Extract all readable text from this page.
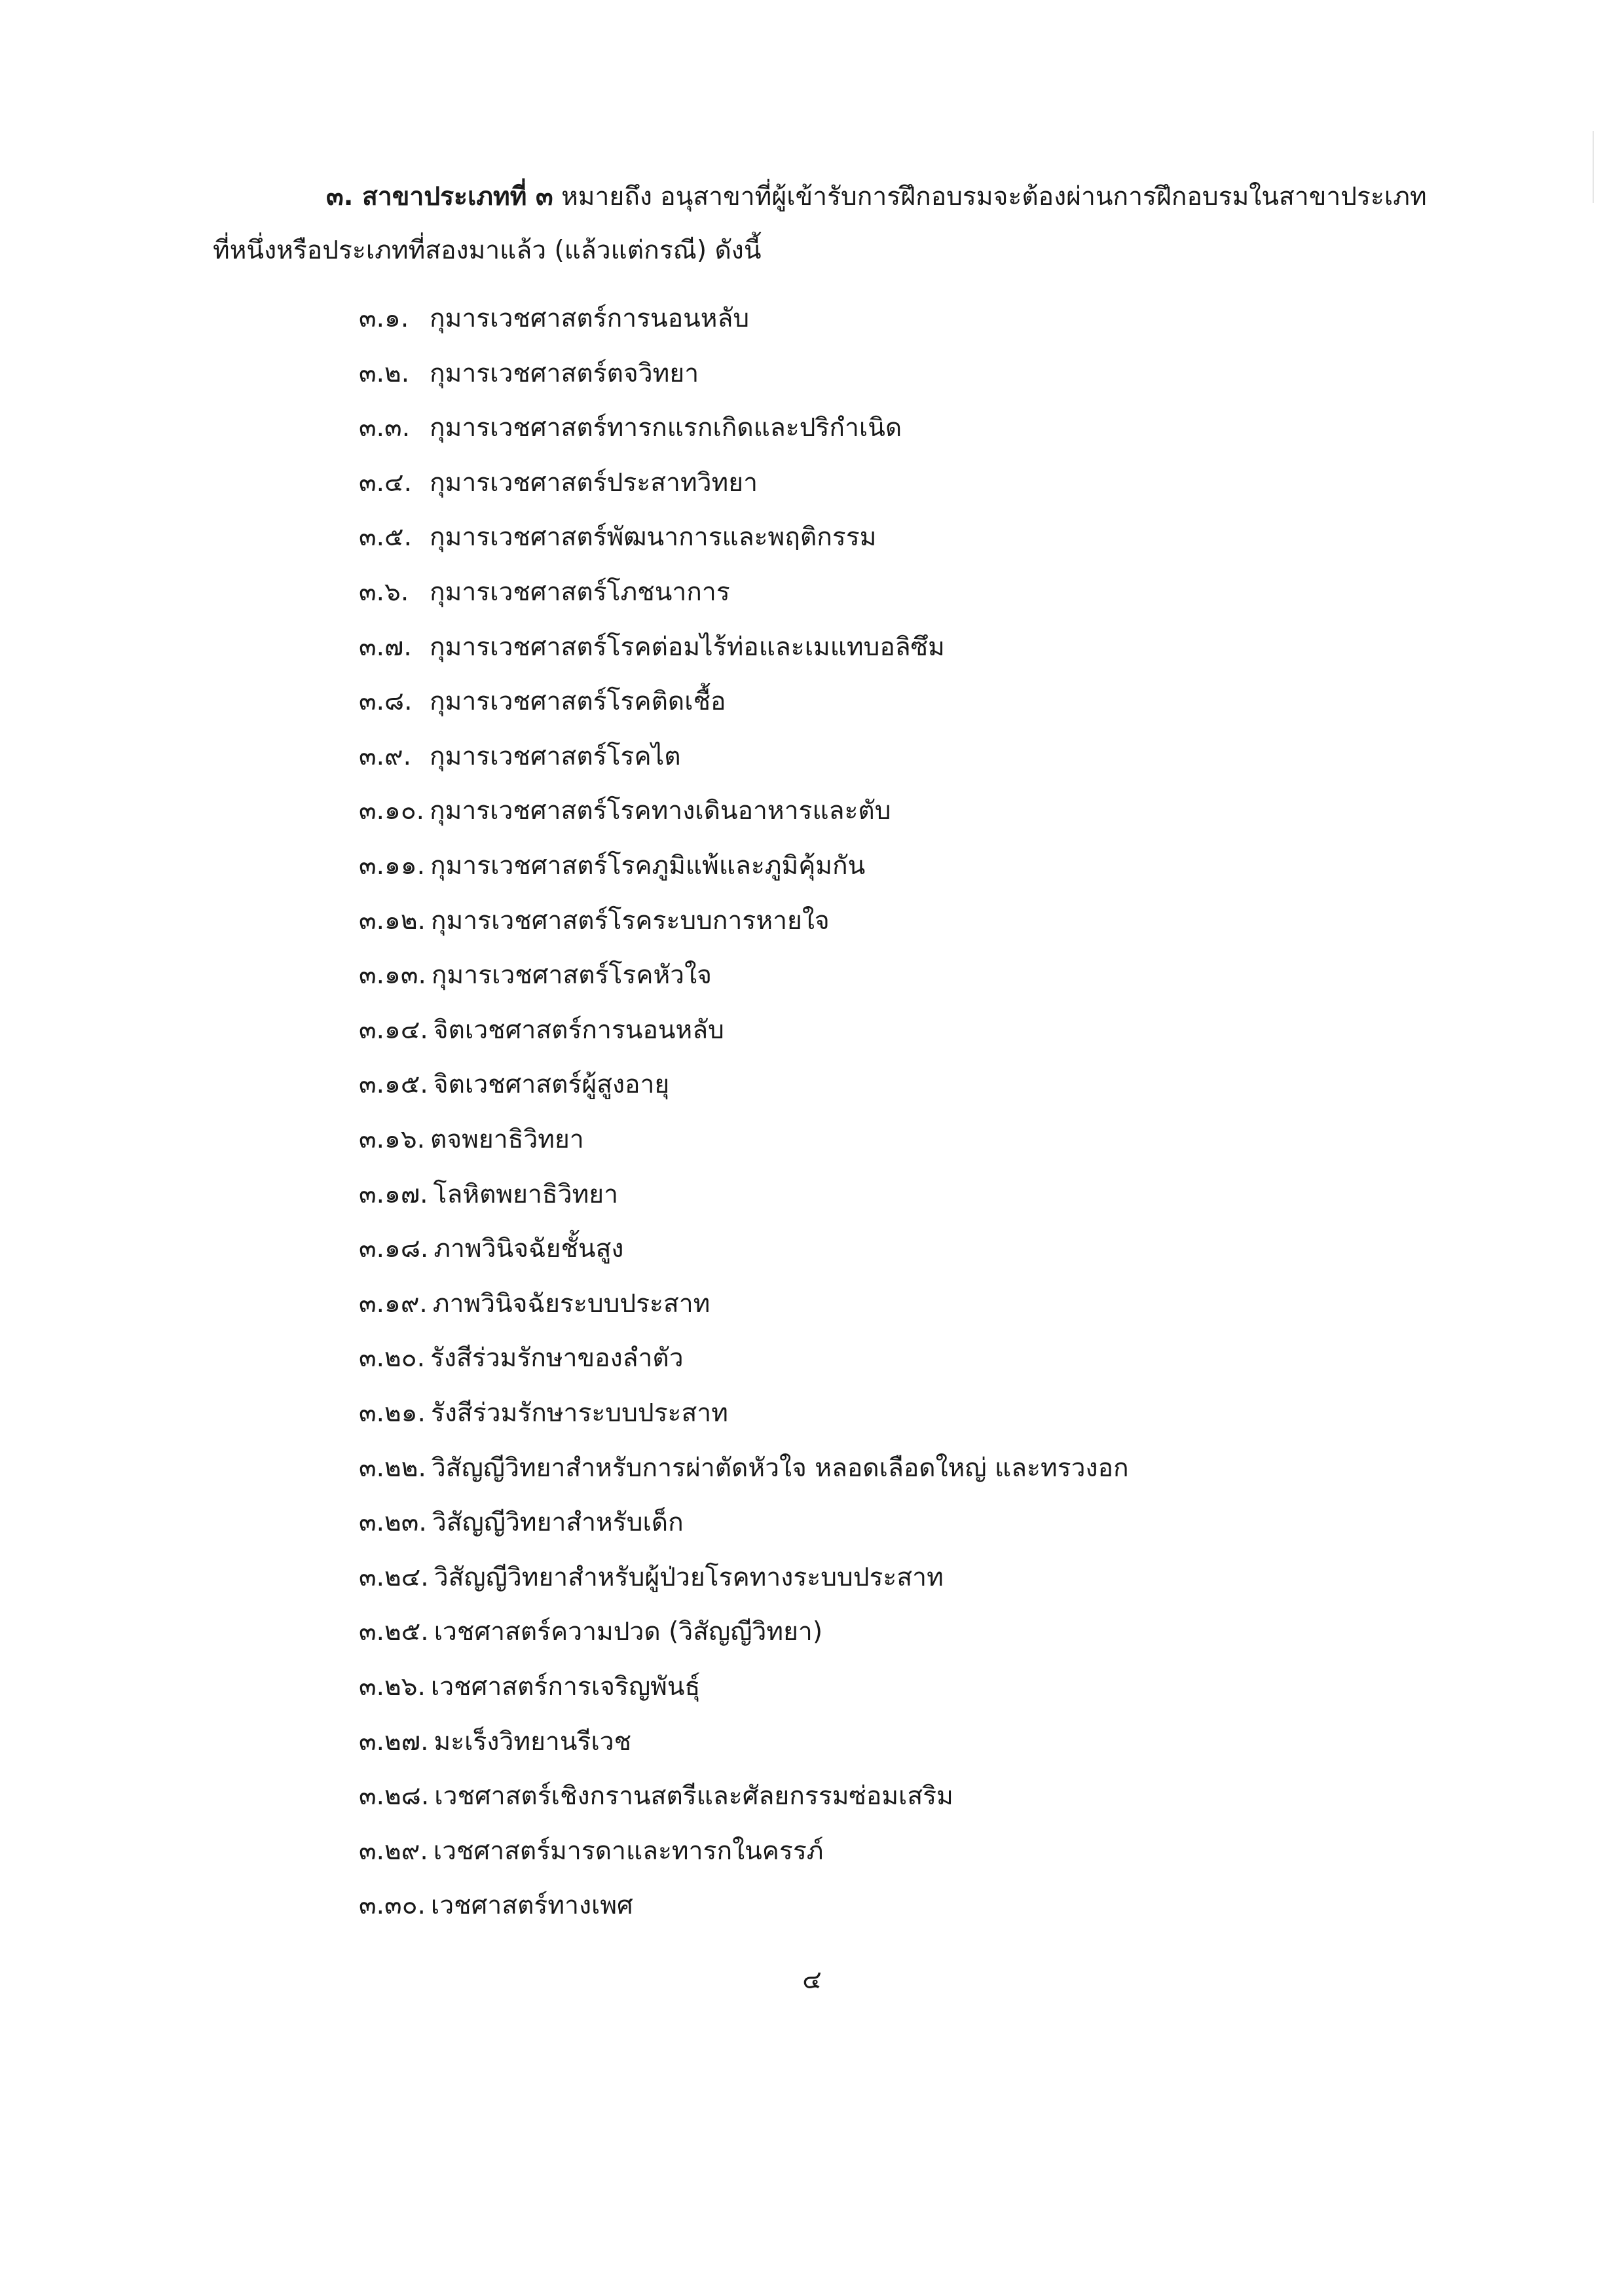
๓. สาขาประเภทที่ ๓ หมายถึง อนุสาขาที่ผู้เข้ารับการฝึกอบรมจะต้องผ่านการฝึกอบรมในสาขาประเภท
ที่หนึ่งหรือประเภทที่สองมาแล้ว (แล้วแต่กรณี) ดังนี้
๓.๑. กุมารเวชศาสตร์การนอนหลับ
๓.๒. กุมารเวชศาสตร์ตจวิทยา
๓.๓. กุมารเวชศาสตร์ทารกแรกเกิดและปริกำเนิด
๓.๔. กุมารเวชศาสตร์ประสาทวิทยา
๓.๕. กุมารเวชศาสตร์พัฒนาการและพฤติกรรม
๓.๖. กุมารเวชศาสตร์โภชนาการ
๓.๗. กุมารเวชศาสตร์โรคต่อมไร้ท่อและเมแทบอลิซึม
๓.๘. กุมารเวชศาสตร์โรคติดเชื้อ
๓.๙. กุมารเวชศาสตร์โรคไต
๓.๑๐. กุมารเวชศาสตร์โรคทางเดินอาหารและตับ
๓.๑๑. กุมารเวชศาสตร์โรคภูมิแพ้และภูมิคุ้มกัน
๓.๑๒. กุมารเวชศาสตร์โรคระบบการหายใจ
๓.๑๓. กุมารเวชศาสตร์โรคหัวใจ
๓.๑๔. จิตเวชศาสตร์การนอนหลับ
๓.๑๕. จิตเวชศาสตร์ผู้สูงอายุ
๓.๑๖. ตจพยาธิวิทยา
๓.๑๗. โลหิตพยาธิวิทยา
๓.๑๘. ภาพวินิจฉัยชั้นสูง
๓.๑๙. ภาพวินิจฉัยระบบประสาท
๓.๒๐. รังสีร่วมรักษาของลำตัว
๓.๒๑. รังสีร่วมรักษาระบบประสาท
๓.๒๒. วิสัญญีวิทยาสำหรับการผ่าตัดหัวใจ หลอดเลือดใหญ่ และทรวงอก
๓.๒๓. วิสัญญีวิทยาสำหรับเด็ก
๓.๒๔. วิสัญญีวิทยาสำหรับผู้ป่วยโรคทางระบบประสาท
๓.๒๕. เวชศาสตร์ความปวด (วิสัญญีวิทยา)
๓.๒๖. เวชศาสตร์การเจริญพันธุ์
๓.๒๗. มะเร็งวิทยานรีเวช
๓.๒๘. เวชศาสตร์เชิงกรานสตรีและศัลยกรรมซ่อมเสริม
๓.๒๙. เวชศาสตร์มารดาและทารกในครรภ์
๓.๓๐. เวชศาสตร์ทางเพศ
๔
